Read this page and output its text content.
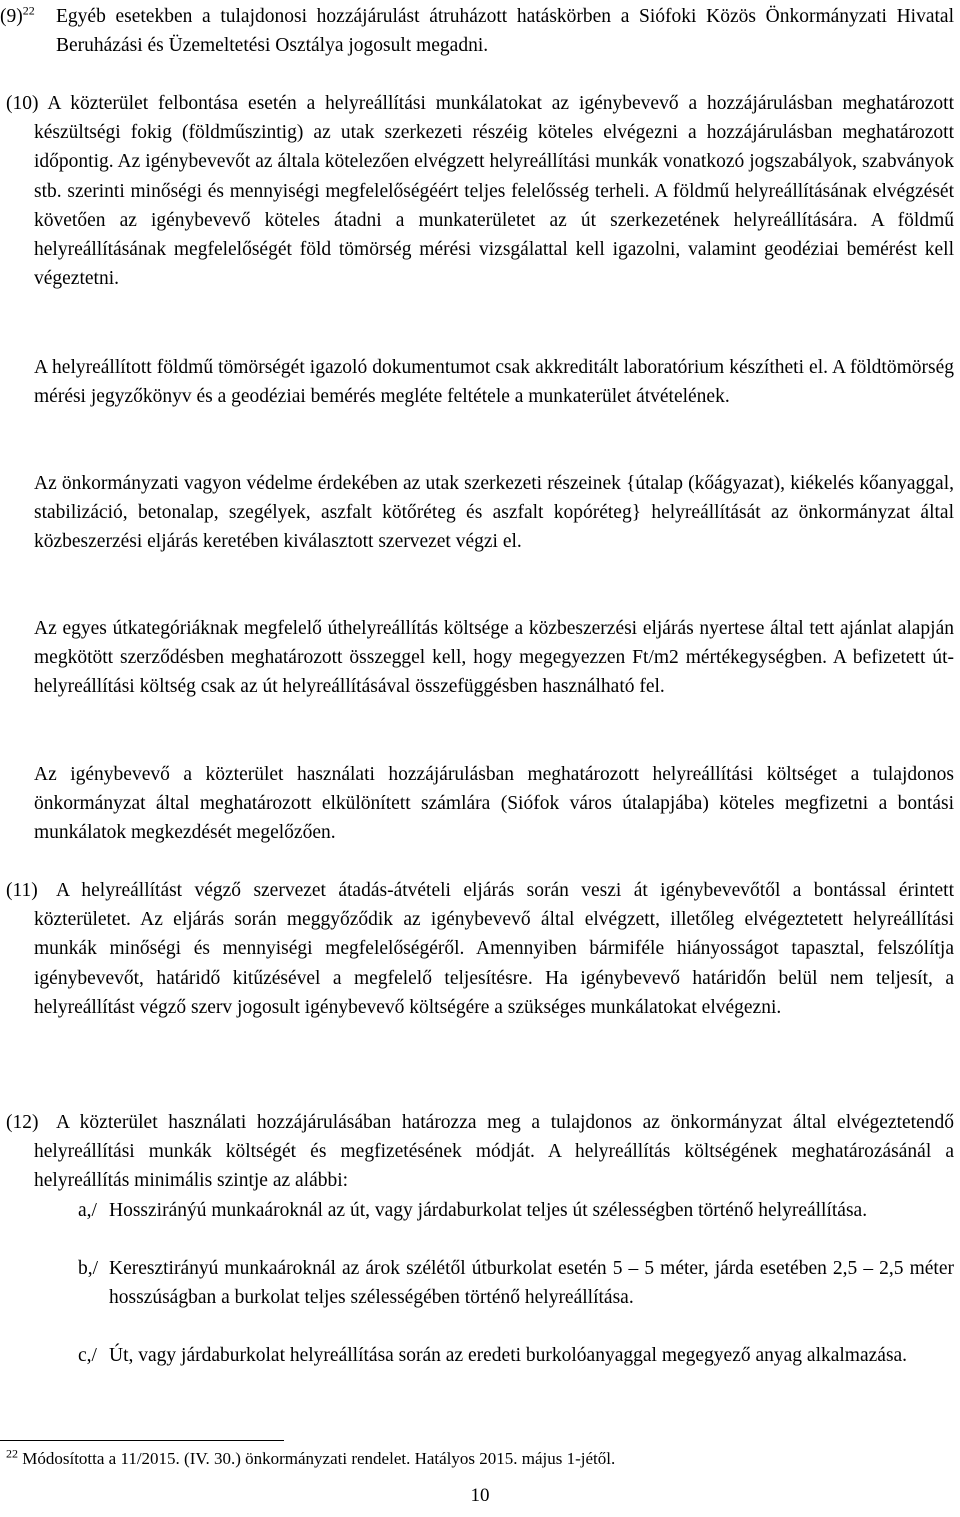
$(9)^{22}$ Egyéb esetekben a tulajdonosi hozzájárulást átruházott hatáskörben a Siófoki Közös Önkormányzati Hivatal Beruházási és Üzemeltetési Osztálya jogosult megadni.

(10) A közterület felbontása esetén a helyreállítási munkálatokat az igénybevevő a hozzájárulásban meghatározott készültségi fokig (földműszintig) az utak szerkezeti részéig köteles elvégezni a hozzájárulásban meghatározott időpontig. Az igénybevevőt az általa kötelezően elvégzett helyreállítási munkák vonatkozó jogszabályok, szabványok stb. szerinti minőségi és mennyiségi megfelelőségéért teljes felelősség terheli. A földmű helyreállításának elvégzését követően az igénybevevő köteles átadni a munkaterületet az út szerkezetének helyreállítására. A földmű helyreállításának megfelelőségét föld tömörség mérési vizsgálattal kell igazolni, valamint geodéziai bemérést kell végeztetni.

A helyreállított földmű tömörségét igazoló dokumentumot csak akkreditált laboratórium készítheti el. A földtömörség mérési jegyzőkönyv és a geodéziai bemérés megléte feltétele a munkaterület átvételének.

Az önkormányzati vagyon védelme érdekében az utak szerkezeti részeinek {útalap (kőágyazat), kiékelés kőanyaggal, stabilizáció, betonalap, szegélyek, aszfalt kötőréteg és aszfalt kopóréteg} helyreállítását az önkormányzat által közbeszerzési eljárás keretében kiválasztott szervezet végzi el.

Az egyes útkategóriáknak megfelelő úthelyreállítás költsége a közbeszerzési eljárás nyertese által tett ajánlat alapján megkötött szerződésben meghatározott összeggel kell, hogy megegyezzen Ft/m2 mértékegységben. A befizetett út-helyreállítási költség csak az út helyreállításával összefüggésben használható fel.

Az igénybevevő a közterület használati hozzájárulásban meghatározott helyreállítási költséget a tulajdonos önkormányzat által meghatározott elkülönített számlára (Siófok város útalapjába) köteles megfizetni a bontási munkálatok megkezdését megelőzően.

(11) A helyreállítást végző szervezet átadás-átvételi eljárás során veszi át igénybevevőtől a bontással érintett közterületet. Az eljárás során meggyőződik az igénybevevő által elvégzett, illetőleg elvégeztetett helyreállítási munkák minőségi és mennyiségi megfelelőségéről. Amennyiben bármiféle hiányosságot tapasztal, felszólítja igénybevevőt, határidő kitűzésével a megfelelő teljesítésre. Ha igénybevevő határidőn belül nem teljesít, a helyreállítást végző szerv jogosult igénybevevő költségére a szükséges munkálatokat elvégezni.
(12) A közterület használati hozzájárulásában határozza meg a tulajdonos az önkormányzat által elvégeztetendő helyreállítási munkák költségét és megfizetésének módját. A helyreállítás költségének meghatározásánál a helyreállítás minimális szintje az alábbi:
a,/ Hossziránýú munkaároknál az út, vagy járdaburkolat teljes út szélességben történő helyreállítása.
b,/ Keresztirányú munkaároknál az árok szélétől útburkolat esetén 5 – 5 méter, járda esetében 2,5 – 2,5 méter hosszúságban a burkolat teljes szélességében történő helyreállítása.
c,/ Út, vagy járdaburkolat helyreállítása során az eredeti burkolóanyaggal megegyező anyag alkalmazása.
$^{22}$ Módosította a 11/2015. (IV. 30.) önkormányzati rendelet. Hatályos 2015. május 1-jétől.
10
